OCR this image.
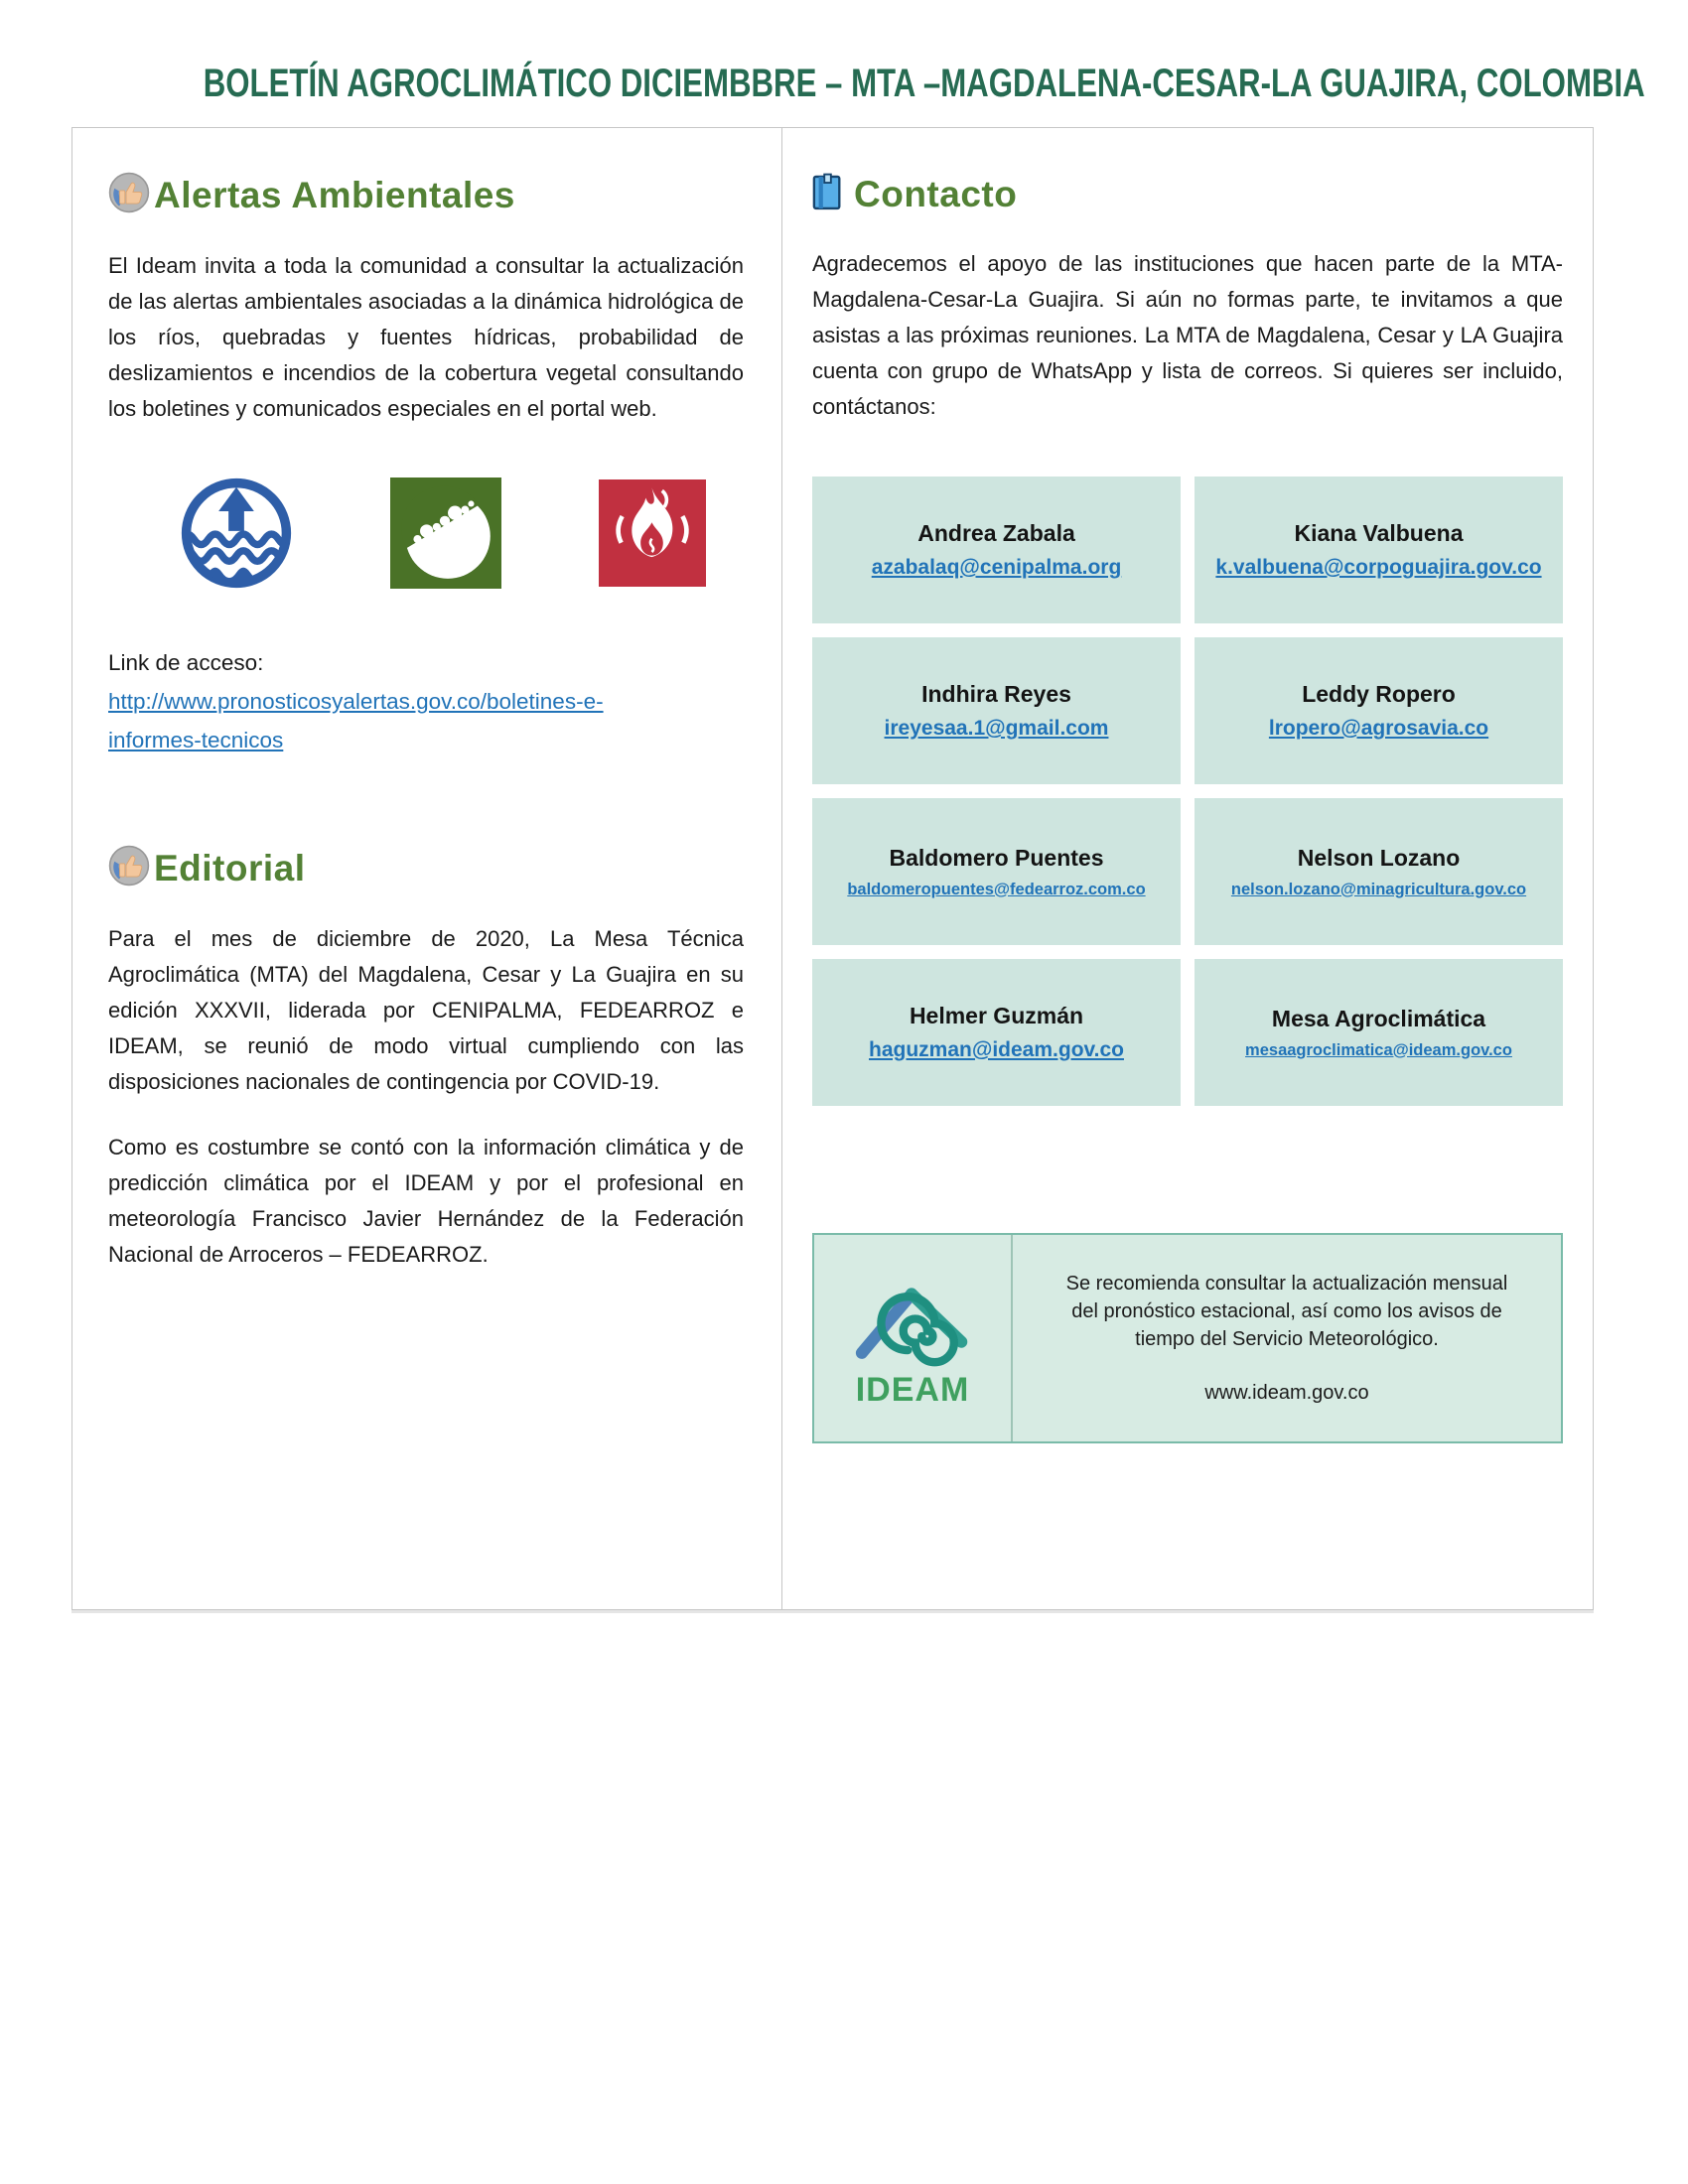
BOLETÍN AGROCLIMÁTICO DICIEMBBRE – MTA –MAGDALENA-CESAR-LA GUAJIRA, COLOMBIA
Alertas Ambientales
El Ideam invita a toda la comunidad a consultar la actualización de las alertas ambientales asociadas a la dinámica hidrológica de los ríos, quebradas y fuentes hídricas, probabilidad de deslizamientos e incendios de la cobertura vegetal consultando los boletines y comunicados especiales en el portal web.
Link de acceso:
http://www.pronosticosyalertas.gov.co/boletines-e-informes-tecnicos
Editorial
Para el mes de diciembre de 2020, La Mesa Técnica Agroclimática (MTA) del Magdalena, Cesar y La Guajira en su edición XXXVII, liderada por CENIPALMA, FEDEARROZ e IDEAM, se reunió de modo virtual cumpliendo con las disposiciones nacionales de contingencia por COVID-19.
Como es costumbre se contó con la información climática y de predicción climática por el IDEAM y por el profesional en meteorología Francisco Javier Hernández de la Federación Nacional de Arroceros – FEDEARROZ.
Contacto
Agradecemos el apoyo de las instituciones que hacen parte de la MTA-Magdalena-Cesar-La Guajira. Si aún no formas parte, te invitamos a que asistas a las próximas reuniones. La MTA de Magdalena, Cesar y LA Guajira cuenta con grupo de WhatsApp y lista de correos. Si quieres ser incluido, contáctanos:
Andrea Zabala
azabalaq@cenipalma.org
Kiana Valbuena
k.valbuena@corpoguajira.gov.co
Indhira Reyes
ireyesaa.1@gmail.com
Leddy Ropero
lropero@agrosavia.co
Baldomero Puentes
baldomeropuentes@fedearroz.com.co
Nelson Lozano
nelson.lozano@minagricultura.gov.co
Helmer Guzmán
haguzman@ideam.gov.co
Mesa Agroclimática
mesaagroclimatica@ideam.gov.co
IDEAM
Se recomienda consultar la actualización mensual del pronóstico estacional, así como los avisos de tiempo del Servicio Meteorológico.
www.ideam.gov.co
